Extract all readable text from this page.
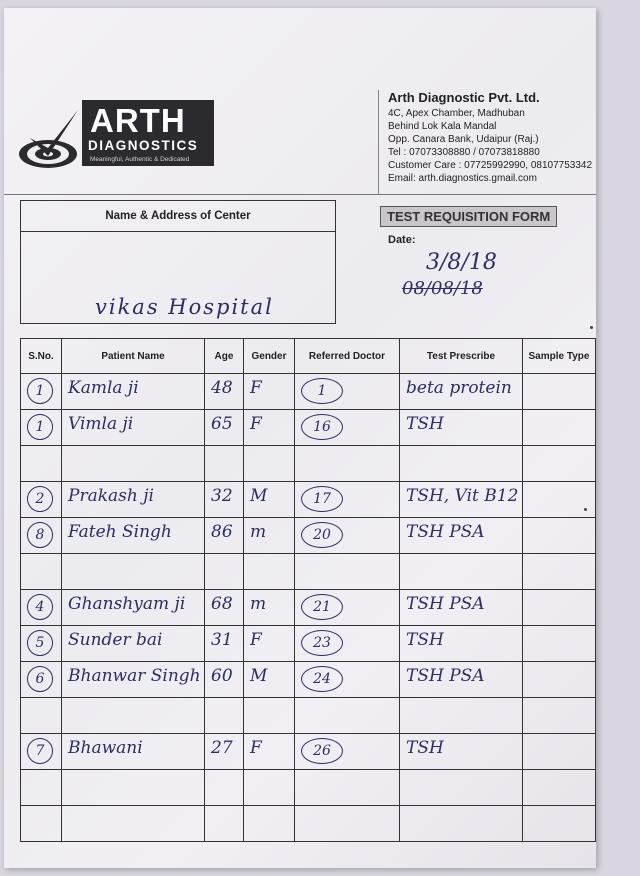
ARTH
DIAGNOSTICS
Meaningful, Authentic & Dedicated
Arth Diagnostic Pvt. Ltd.
4C, Apex Chamber, Madhuban
Behind Lok Kala Mandal
Opp. Canara Bank, Udaipur (Raj.)
Tel : 07073308880 / 07073818880
Customer Care : 07725992990, 08107753342
Email: arth.diagnostics.gmail.com
Name & Address of Center
vikas Hospital
TEST REQUISITION FORM
Date:
3/8/18
08/08/18
S.No.	Patient Name	Age	Gender	Referred Doctor	Test Prescribe	Sample Type

1	Kamla ji	48	F	1	beta protein	

1	Vimla ji	65	F	16	TSH	

2	Prakash ji	32	M	17	TSH, Vit B12	

8	Fateh Singh	86	m	20	TSH PSA	

4	Ghanshyam ji	68	m	21	TSH PSA	

5	Sunder bai	31	F	23	TSH	

6	Bhanwar Singh	60	M	24	TSH PSA	

7	Bhawani	27	F	26	TSH	
